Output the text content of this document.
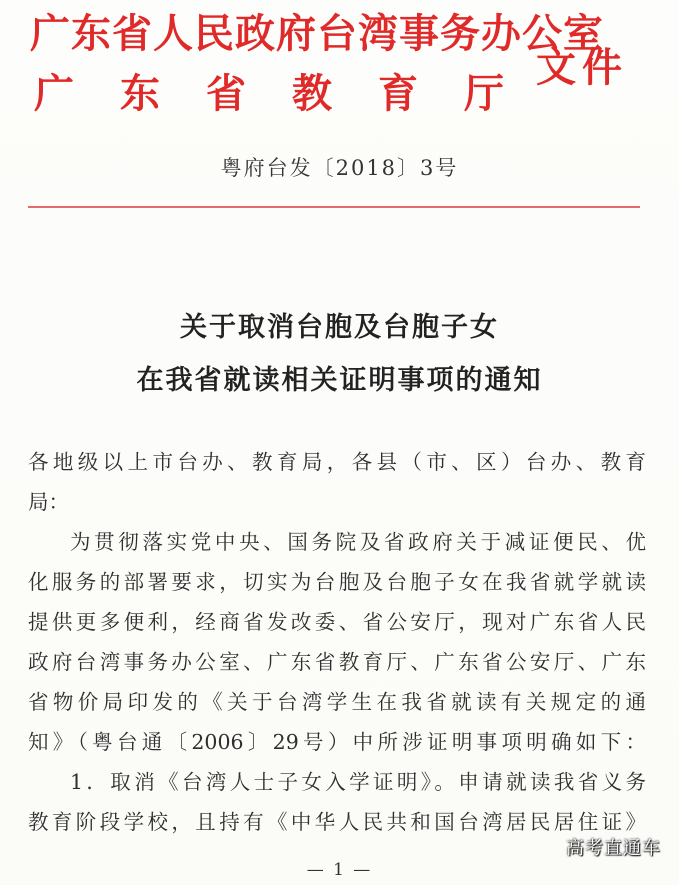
广东省人民政府台湾事务办公室
广东省教育厅
文件
粤府台发〔2018〕3号
关于取消台胞及台胞子女
在我省就读相关证明事项的通知
各地级以上市台办、教育局，各县（市、区）台办、教育
局：
为贯彻落实党中央、国务院及省政府关于减证便民、优
化服务的部署要求，切实为台胞及台胞子女在我省就学就读
提供更多便利，经商省发改委、省公安厅，现对广东省人民
政府台湾事务办公室、广东省教育厅、广东省公安厅、广东
省物价局印发的《关于台湾学生在我省就读有关规定的通
知》（粤台通〔2006〕29号）中所涉证明事项明确如下：
1．取消《台湾人士子女入学证明》。申请就读我省义务
教育阶段学校，且持有《中华人民共和国台湾居民居住证》
— 1 —
高考直通车
